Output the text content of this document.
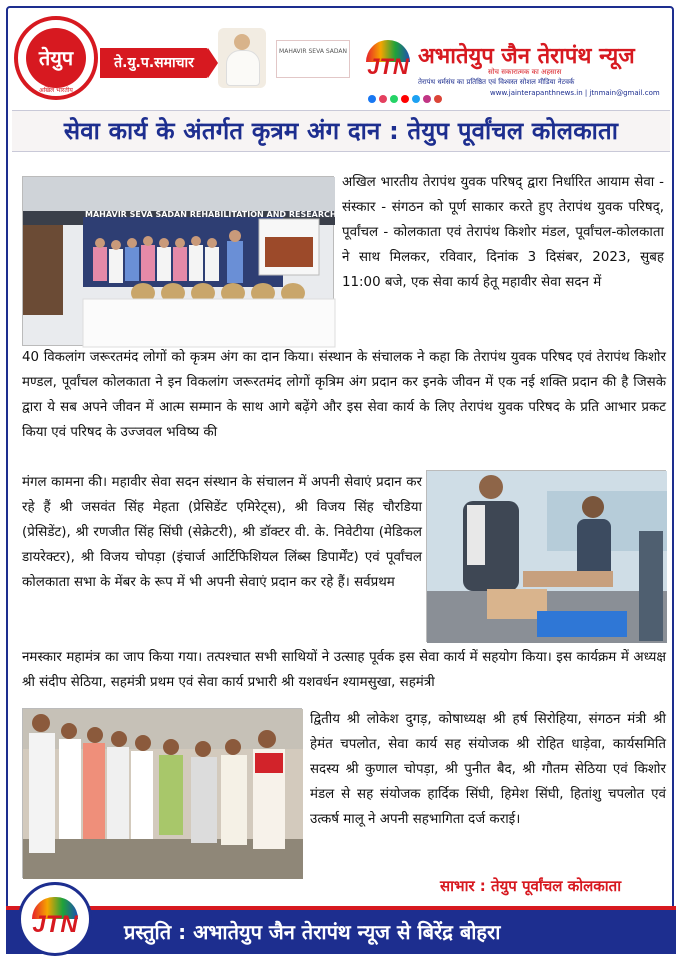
तेयुप
अखिल भारतीय
ते.यु.प.समाचार
MAHAVIR SEVA SADAN
JTN अभातेयुप जैन तेरापंथ न्यूज
सोच सकारात्मक का अहसास
तेरापंथ धर्मसंघ का प्रतिष्ठित एवं विश्वस्त सोशल मीडिया नेटवर्क
www.jainterapanthnews.in | jtnmain@gmail.com
सेवा कार्य के अंतर्गत कृत्रम अंग दान : तेयुप पूर्वांचल कोलकाता
MAHAVIR SEVA SADAN REHABILITATION AND RESEARCH CENTRE

अखिल भारतीय तेरापंथ युवक परिषद् द्वारा निर्धारित आयाम सेवा - संस्कार - संगठन को पूर्ण साकार करते हुए तेरापंथ युवक परिषद्, पूर्वांचल - कोलकाता एवं तेरापंथ किशोर मंडल, पूर्वांचल-कोलकाता ने साथ मिलकर, रविवार, दिनांक 3 दिसंबर, 2023, सुबह 11:00 बजे, एक सेवा कार्य हेतू महावीर सेवा सदन में

40 विकलांग जरूरतमंद लोगों को कृत्रम अंग का दान किया। संस्थान के संचालक ने कहा कि तेरापंथ युवक परिषद एवं तेरापंथ किशोर मण्डल, पूर्वांचल कोलकाता ने इन विकलांग जरूरतमंद लोगों कृत्रिम अंग प्रदान कर इनके जीवन में एक नई शक्ति प्रदान की है जिसके द्वारा ये सब अपने जीवन में आत्म सम्मान के साथ आगे बढ़ेंगे और इस सेवा कार्य के लिए तेरापंथ युवक परिषद के प्रति आभार प्रकट किया एवं परिषद के उज्जवल भविष्य की

मंगल कामना की। महावीर सेवा सदन संस्थान के संचालन में अपनी सेवाएं प्रदान कर रहे हैं श्री जसवंत सिंह मेहता (प्रेसिडेंट एमिरेट्स), श्री विजय सिंह चौरडिया (प्रेसिडेंट), श्री रणजीत सिंह सिंघी (सेक्रेटरी), श्री डॉक्टर वी. के. निवेटीया (मेडिकल डायरेक्टर), श्री विजय चोपड़ा (इंचार्ज आर्टिफिशियल लिंब्स डिपार्मेंट) एवं पूर्वांचल कोलकाता सभा के मेंबर के रूप में भी अपनी सेवाएं प्रदान कर रहे हैं। सर्वप्रथम

नमस्कार महामंत्र का जाप किया गया। तत्पश्चात सभी साथियों ने उत्साह पूर्वक इस सेवा कार्य में सहयोग किया। इस कार्यक्रम में अध्यक्ष श्री संदीप सेठिया, सहमंत्री प्रथम एवं सेवा कार्य प्रभारी श्री यशवर्धन श्यामसुखा, सहमंत्री

द्वितीय श्री लोकेश दुगड़, कोषाध्यक्ष श्री हर्ष सिरोहिया, संगठन मंत्री श्री हेमंत चपलोत, सेवा कार्य सह संयोजक श्री रोहित धाड़ेवा, कार्यसमिति सदस्य श्री कुणाल चोपड़ा, श्री पुनीत बैद, श्री गौतम सेठिया एवं किशोर मंडल से सह संयोजक हार्दिक सिंघी, हिमेश सिंघी, हितांशु चपलोत एवं उत्कर्ष मालू ने अपनी सहभागिता दर्ज कराई।

साभार : तेयुप पूर्वांचल कोलकाता
प्रस्तुति : अभातेयुप जैन तेरापंथ न्यूज से बिरेंद्र बोहरा
JTN
